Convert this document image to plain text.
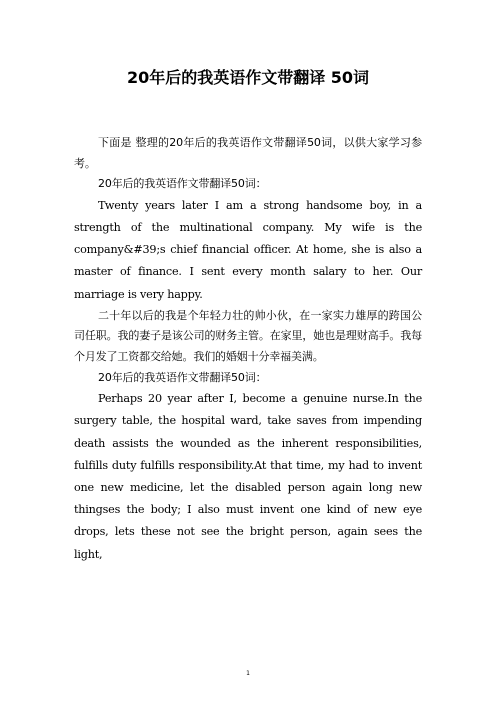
20年后的我英语作文带翻译 50词

下面是 整理的20年后的我英语作文带翻译50词，以供大家学习参考。

20年后的我英语作文带翻译50词：

Twenty years later I am a strong handsome boy, in a strength of the multinational company. My wife is the company&#39;s chief financial officer. At home, she is also a master of finance. I sent every month salary to her. Our marriage is very happy.

二十年以后的我是个年轻力壮的帅小伙，在一家实力雄厚的跨国公司任职。我的妻子是该公司的财务主管。在家里，她也是理财高手。我每个月发了工资都交给她。我们的婚姻十分幸福美满。

20年后的我英语作文带翻译50词：

Perhaps 20 year after I, become a genuine nurse.In the surgery table, the hospital ward, take saves from impending death assists the wounded as the inherent responsibilities, fulfills duty fulfills responsibility.At that time, my had to invent one new medicine, let the disabled person again long new thingses the body; I also must invent one kind of new eye drops, lets these not see the bright person, again sees the light,

1
